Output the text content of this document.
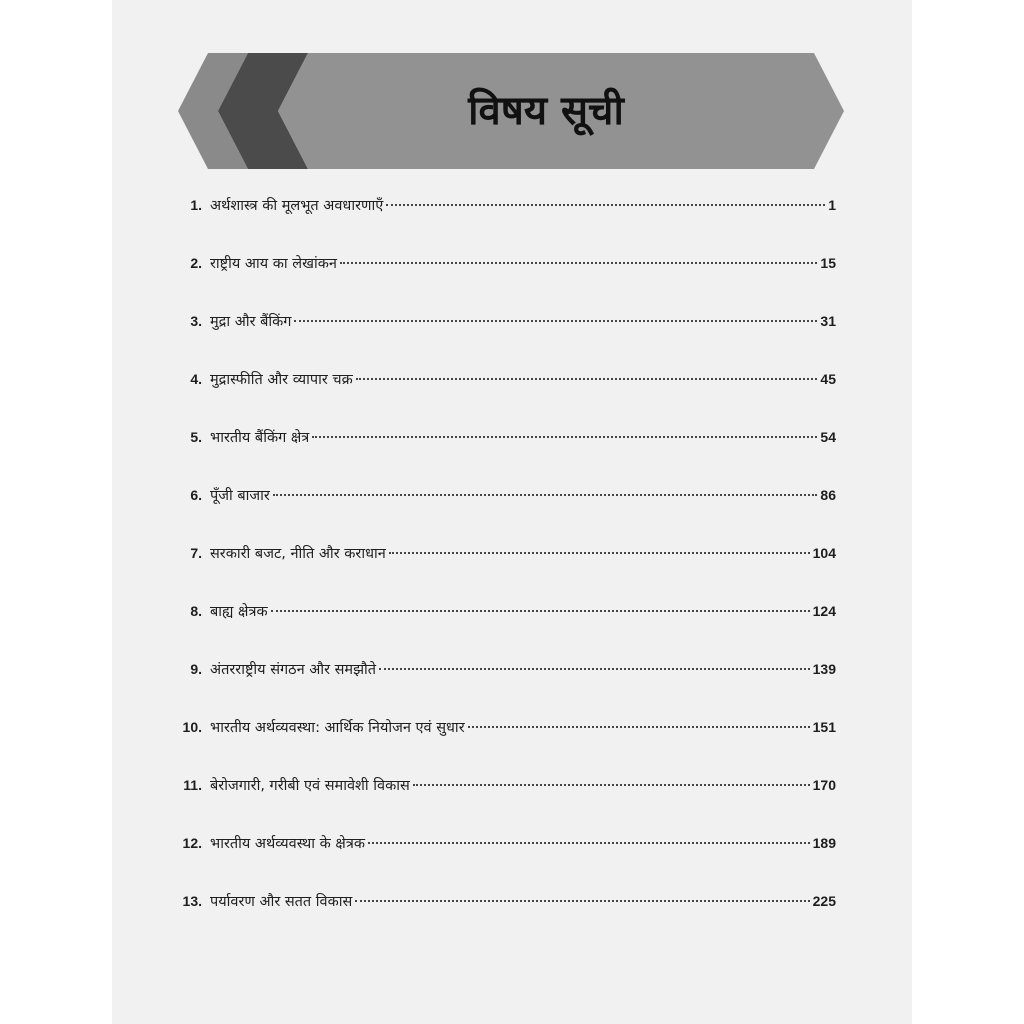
विषय सूची
1. अर्थशास्त्र की मूलभूत अवधारणाएँ	1
2. राष्ट्रीय आय का लेखांकन	15
3. मुद्रा और बैंकिंग	31
4. मुद्रास्फीति और व्यापार चक्र	45
5. भारतीय बैंकिंग क्षेत्र	54
6. पूँजी बाजार	86
7. सरकारी बजट, नीति और कराधान	104
8. बाह्य क्षेत्रक	124
9. अंतरराष्ट्रीय संगठन और समझौते	139
10. भारतीय अर्थव्यवस्था: आर्थिक नियोजन एवं सुधार	151
11. बेरोजगारी, गरीबी एवं समावेशी विकास	170
12. भारतीय अर्थव्यवस्था के क्षेत्रक	189
13. पर्यावरण और सतत विकास	225
